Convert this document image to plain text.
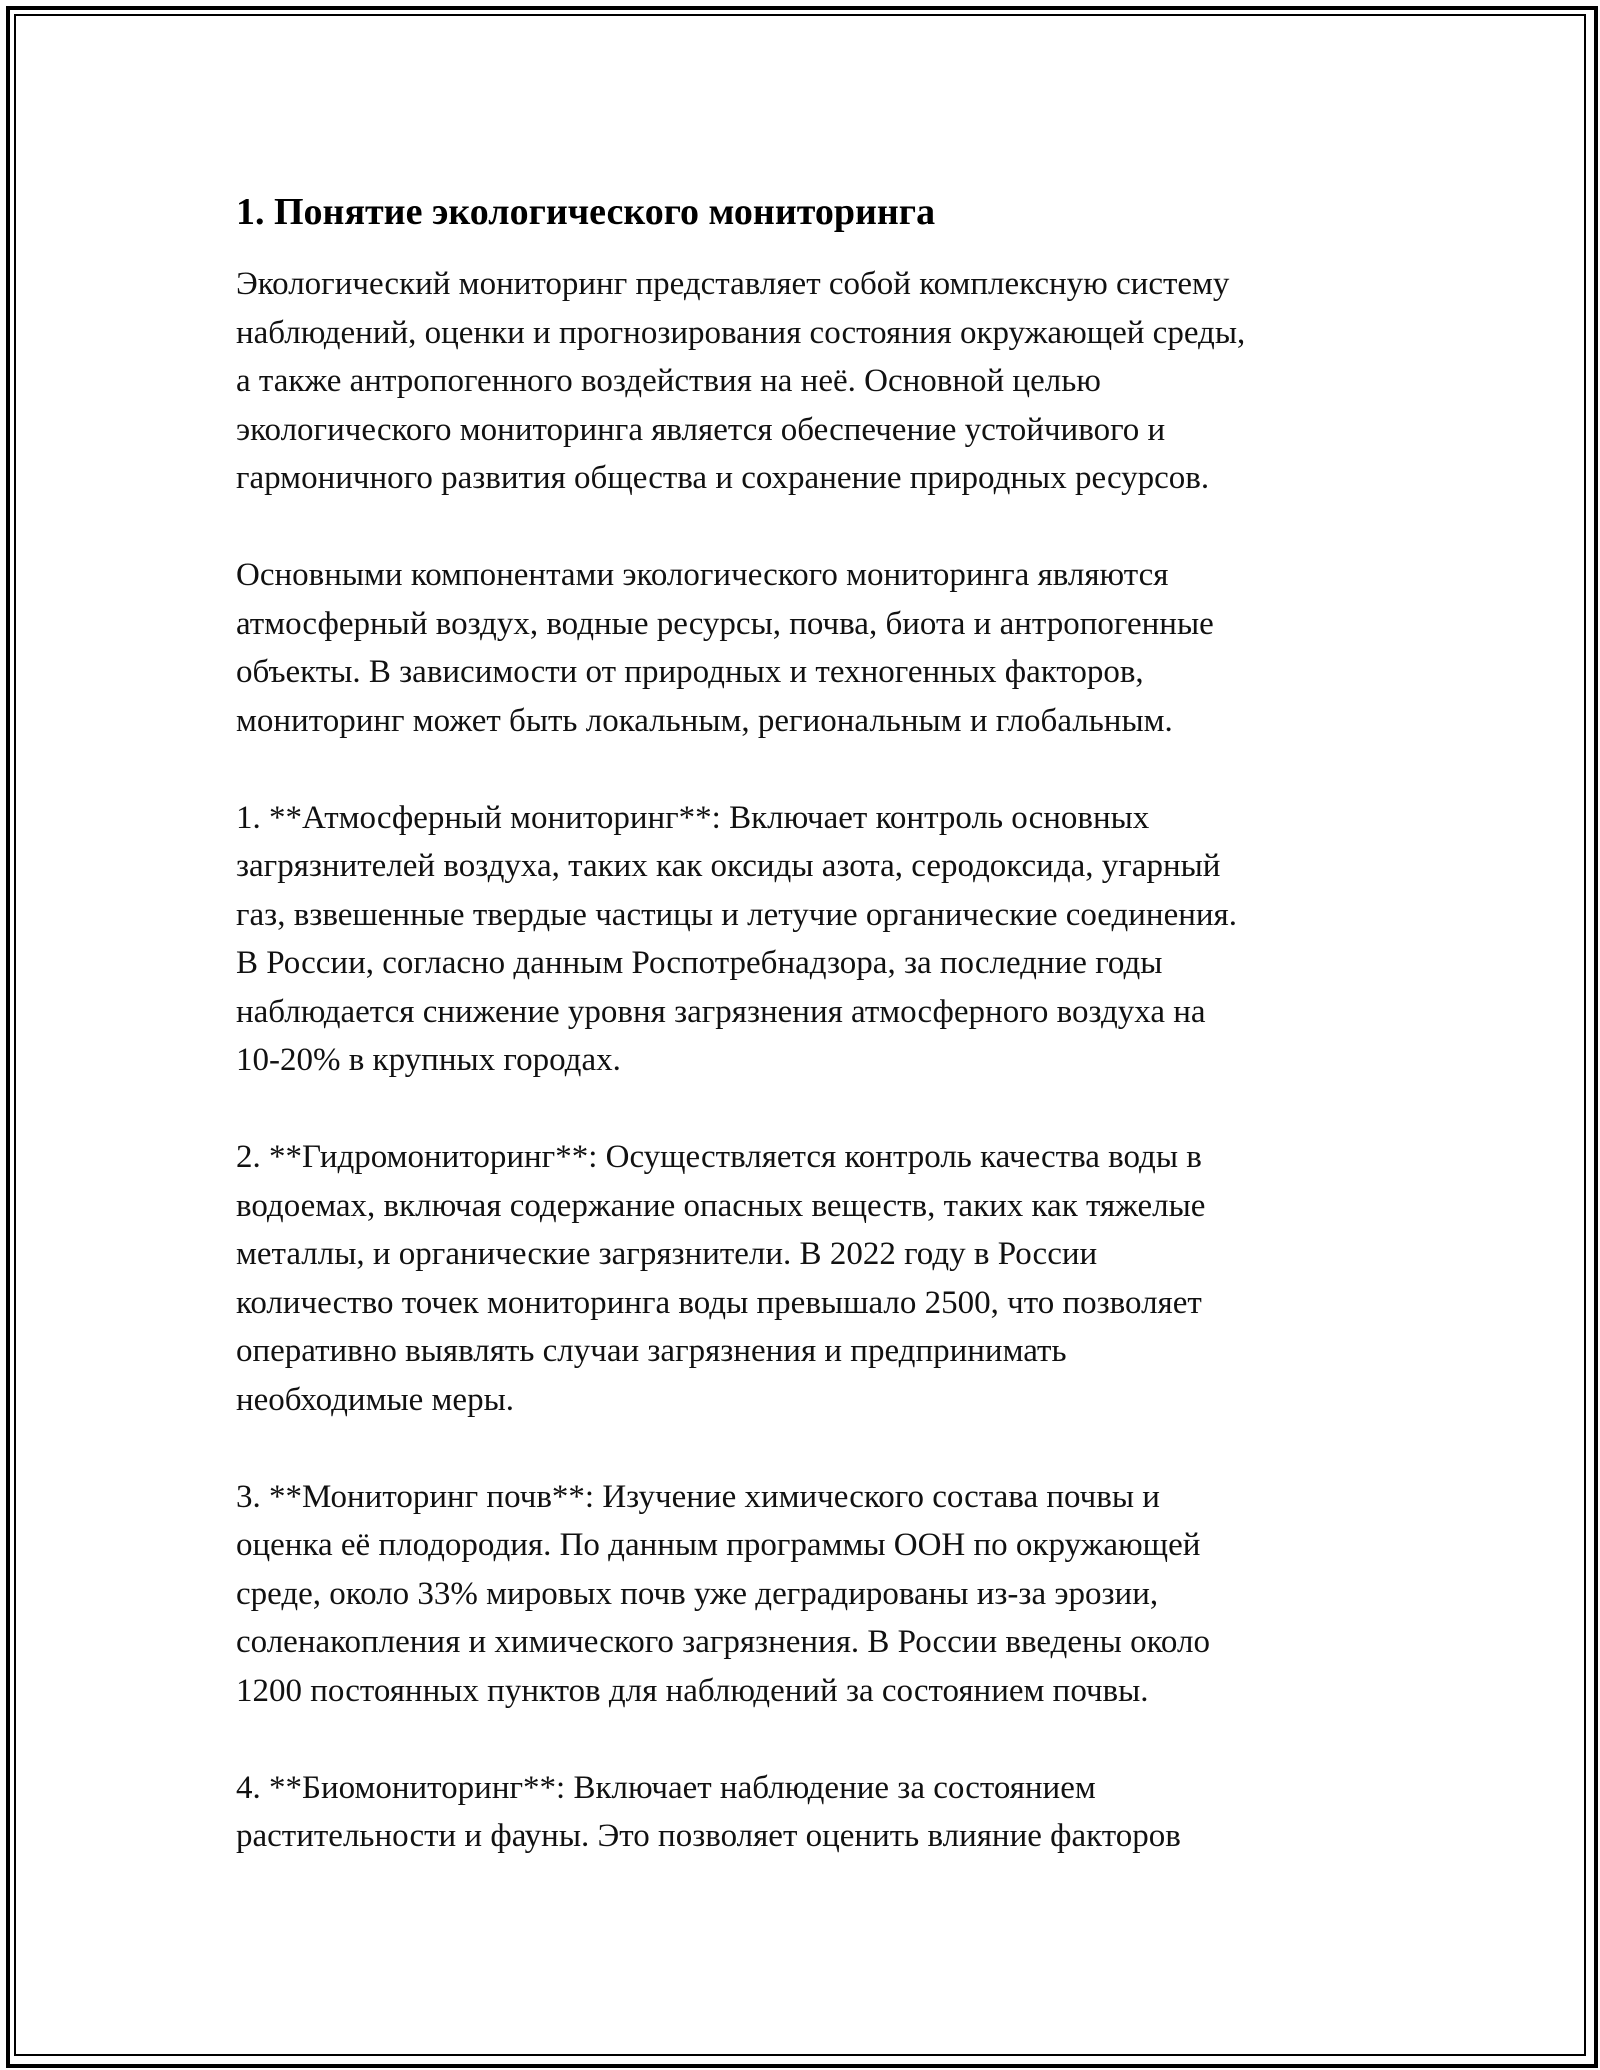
1. Понятие экологического мониторинга

Экологический мониторинг представляет собой комплексную систему
наблюдений, оценки и прогнозирования состояния окружающей среды,
а также антропогенного воздействия на неё. Основной целью
экологического мониторинга является обеспечение устойчивого и
гармоничного развития общества и сохранение природных ресурсов.

Основными компонентами экологического мониторинга являются
атмосферный воздух, водные ресурсы, почва, биота и антропогенные
объекты. В зависимости от природных и техногенных факторов,
мониторинг может быть локальным, региональным и глобальным.

1. **Атмосферный мониторинг**: Включает контроль основных
загрязнителей воздуха, таких как оксиды азота, серодоксида, угарный
газ, взвешенные твердые частицы и летучие органические соединения.
В России, согласно данным Роспотребнадзора, за последние годы
наблюдается снижение уровня загрязнения атмосферного воздуха на
10-20% в крупных городах.

2. **Гидромониторинг**: Осуществляется контроль качества воды в
водоемах, включая содержание опасных веществ, таких как тяжелые
металлы, и органические загрязнители. В 2022 году в России
количество точек мониторинга воды превышало 2500, что позволяет
оперативно выявлять случаи загрязнения и предпринимать
необходимые меры.

3. **Мониторинг почв**: Изучение химического состава почвы и
оценка её плодородия. По данным программы ООН по окружающей
среде, около 33% мировых почв уже деградированы из-за эрозии,
соленакопления и химического загрязнения. В России введены около
1200 постоянных пунктов для наблюдений за состоянием почвы.

4. **Биомониторинг**: Включает наблюдение за состоянием
растительности и фауны. Это позволяет оценить влияние факторов
